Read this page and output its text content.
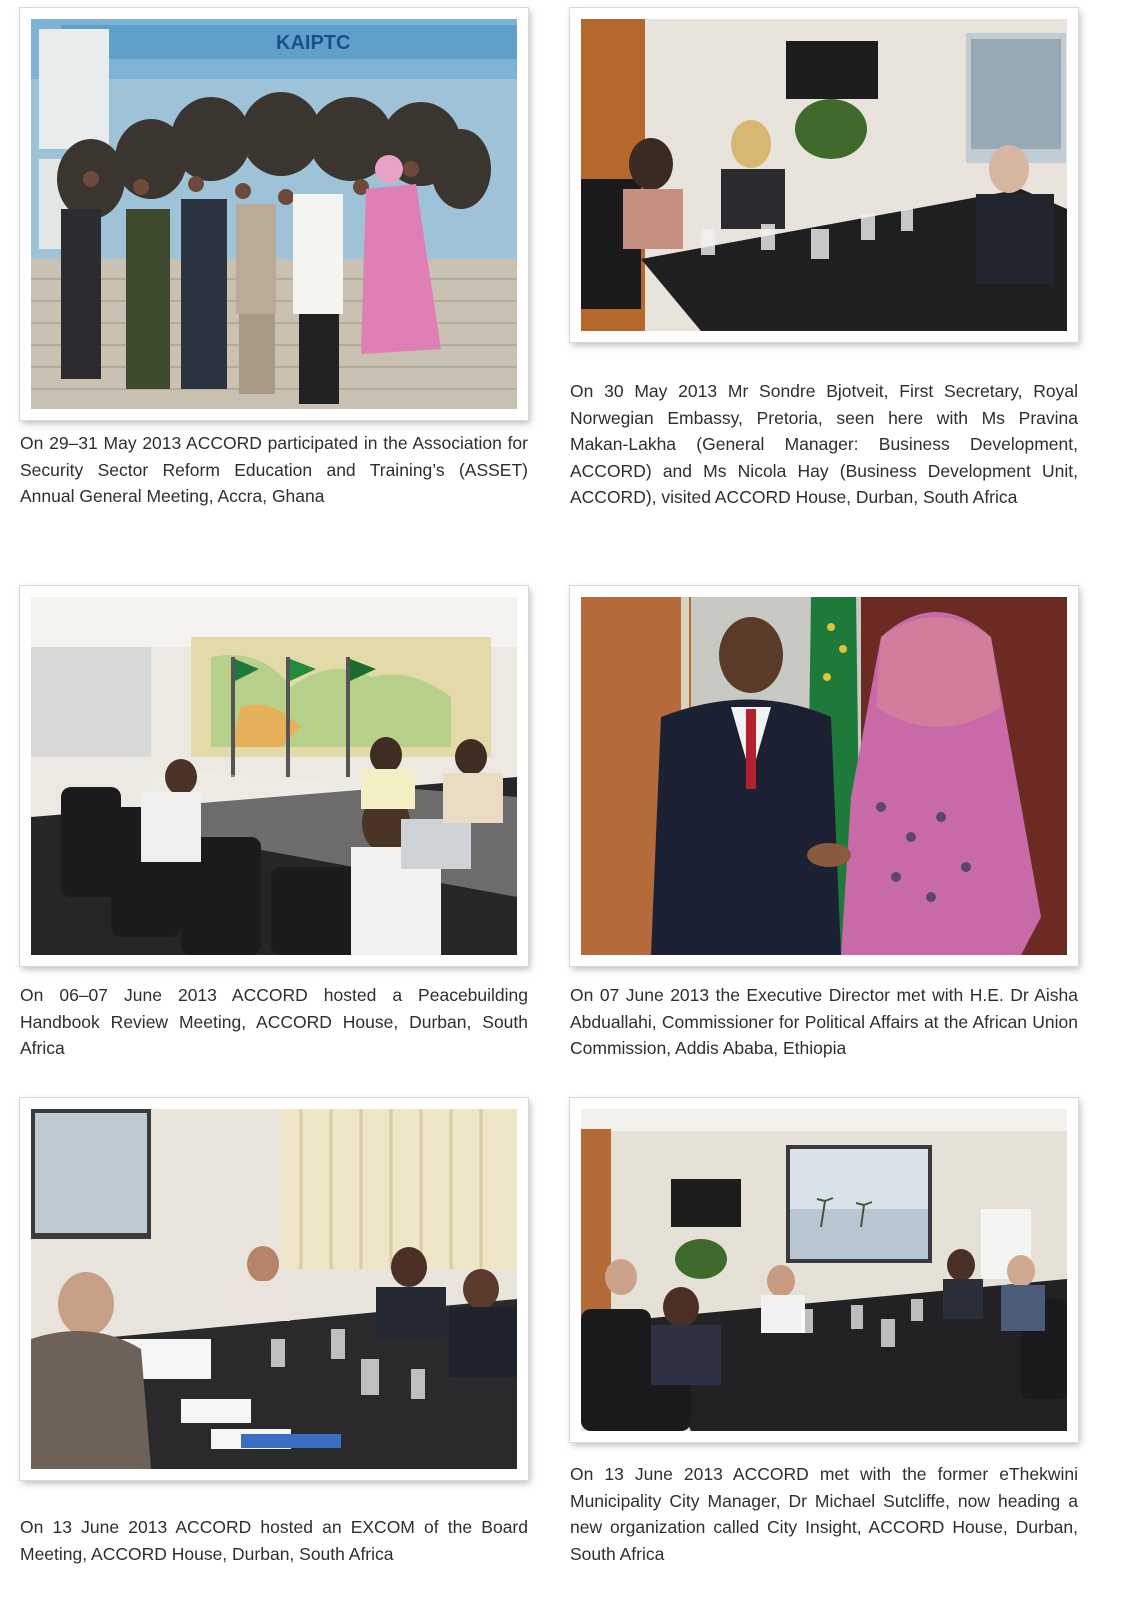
KAIPTC

On 29–31 May 2013 ACCORD participated in the Association for Security Sector Reform Education and Training’s (ASSET) Annual General Meeting, Accra, Ghana

On 30 May 2013 Mr Sondre Bjotveit, First Secretary, Royal Norwegian Embassy, Pretoria, seen here with Ms Pravina Makan-Lakha (General Manager: Business Development, ACCORD) and Ms Nicola Hay (Business Development Unit, ACCORD), visited ACCORD House, Durban, South Africa

On 06–07 June 2013 ACCORD hosted a Peacebuilding Handbook Review Meeting, ACCORD House, Durban, South Africa

On 07 June 2013 the Executive Director met with H.E. Dr Aisha Abduallahi, Commissioner for Political Affairs at the African Union Commission, Addis Ababa, Ethiopia

On 13 June 2013 ACCORD hosted an EXCOM of the Board Meeting, ACCORD House, Durban, South Africa

On 13 June 2013 ACCORD met with the former eThekwini Municipality City Manager, Dr Michael Sutcliffe, now heading a new organization called City Insight, ACCORD House, Durban, South Africa
